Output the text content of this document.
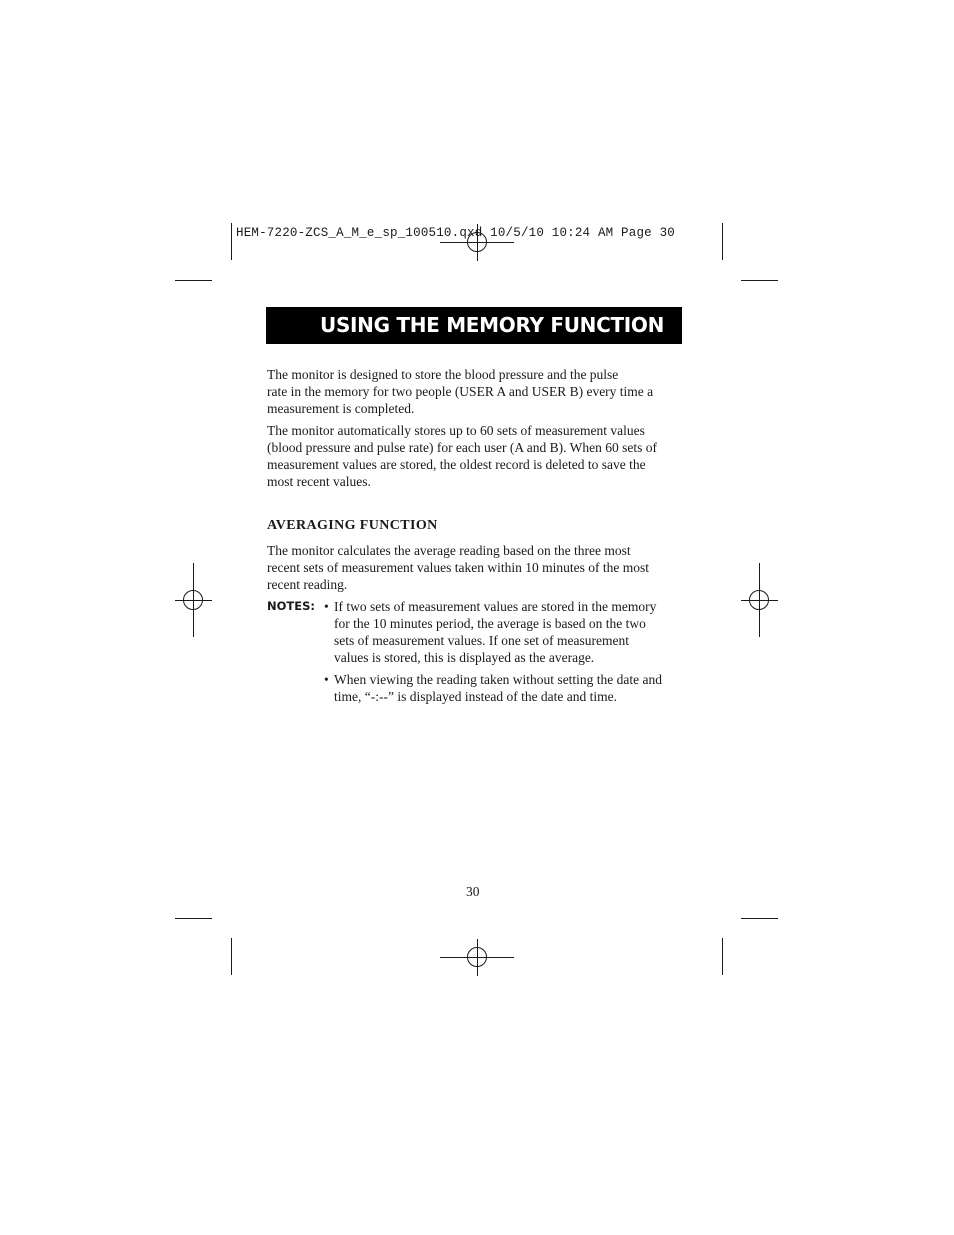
HEM-7220-ZCS_A_M_e_sp_100510.qxd 10/5/10 10:24 AM Page 30
USING THE MEMORY FUNCTION
The monitor is designed to store the blood pressure and the pulse
rate in the memory for two people (USER A and USER B) every time a
measurement is completed.
The monitor automatically stores up to 60 sets of measurement values
(blood pressure and pulse rate) for each user (A and B). When 60 sets of
measurement values are stored, the oldest record is deleted to save the
most recent values.
AVERAGING FUNCTION
The monitor calculates the average reading based on the three most
recent sets of measurement values taken within 10 minutes of the most
recent reading.
NOTES: • If two sets of measurement values are stored in the memory
for the 10 minutes period, the average is based on the two
sets of measurement values. If one set of measurement
values is stored, this is displayed as the average.
• When viewing the reading taken without setting the date and
time, “-:--” is displayed instead of the date and time.
30
